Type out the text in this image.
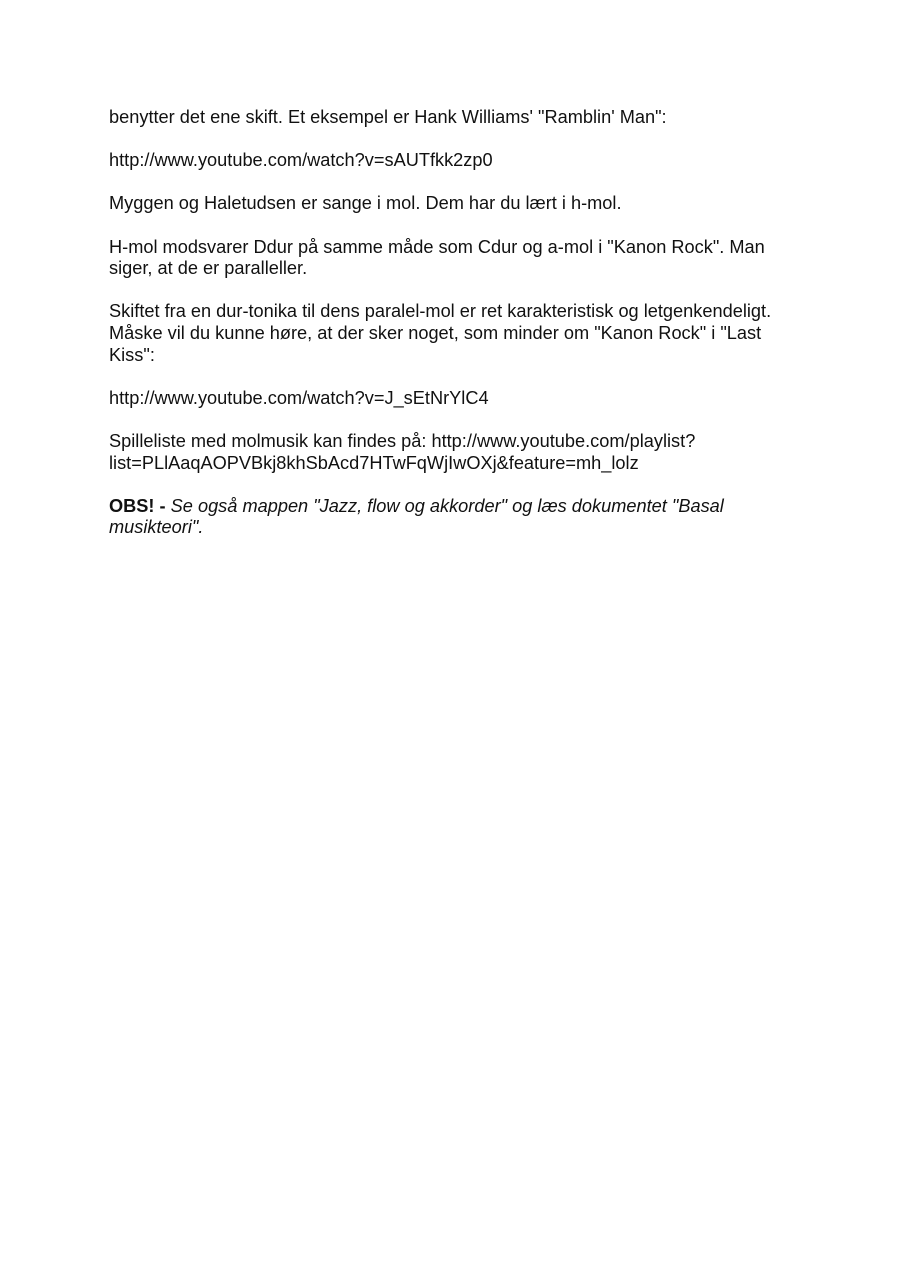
benytter det ene skift. Et eksempel er Hank Williams' "Ramblin' Man":

http://www.youtube.com/watch?v=sAUTfkk2zp0

Myggen og Haletudsen er sange i mol. Dem har du lært i h-mol.

H-mol modsvarer Ddur på samme måde som Cdur og a-mol i "Kanon Rock". Man
siger, at de er paralleller.

Skiftet fra en dur-tonika til dens paralel-mol er ret karakteristisk og letgenkendeligt.
Måske vil du kunne høre, at der sker noget, som minder om "Kanon Rock" i "Last
Kiss":

http://www.youtube.com/watch?v=J_sEtNrYlC4

Spilleliste med molmusik kan findes på: http://www.youtube.com/playlist?
list=PLlAaqAOPVBkj8khSbAcd7HTwFqWjIwOXj&feature=mh_lolz

OBS! - Se også mappen "Jazz, flow og akkorder" og læs dokumentet "Basal
musikteori".
